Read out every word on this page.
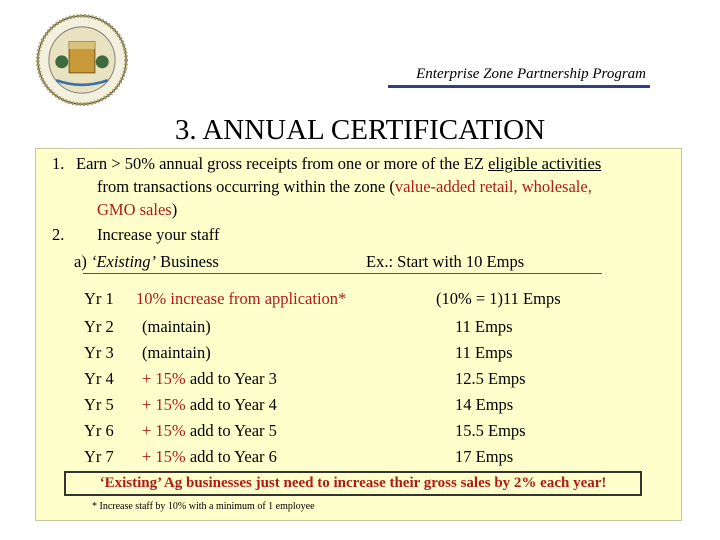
Enterprise Zone Partnership Program
3. ANNUAL CERTIFICATION
1. Earn > 50% annual gross receipts from one or more of the EZ eligible activities
from transactions occurring within the zone (value-added retail, wholesale,
GMO sales)
2. Increase your staff
a) ‘Existing’ Business	Ex.: Start with 10 Emps
Yr 1 10% increase from application*	(10% = 1)11 Emps
Yr 2 (maintain)	11 Emps
Yr 3 (maintain)	11 Emps
Yr 4 + 15% add to Year 3	12.5 Emps
Yr 5 + 15% add to Year 4	14 Emps
Yr 6 + 15% add to Year 5	15.5 Emps
Yr 7 + 15% add to Year 6	17 Emps
‘Existing’ Ag businesses just need to increase their gross sales by 2% each year!
* Increase staff by 10% with a minimum of 1 employee
